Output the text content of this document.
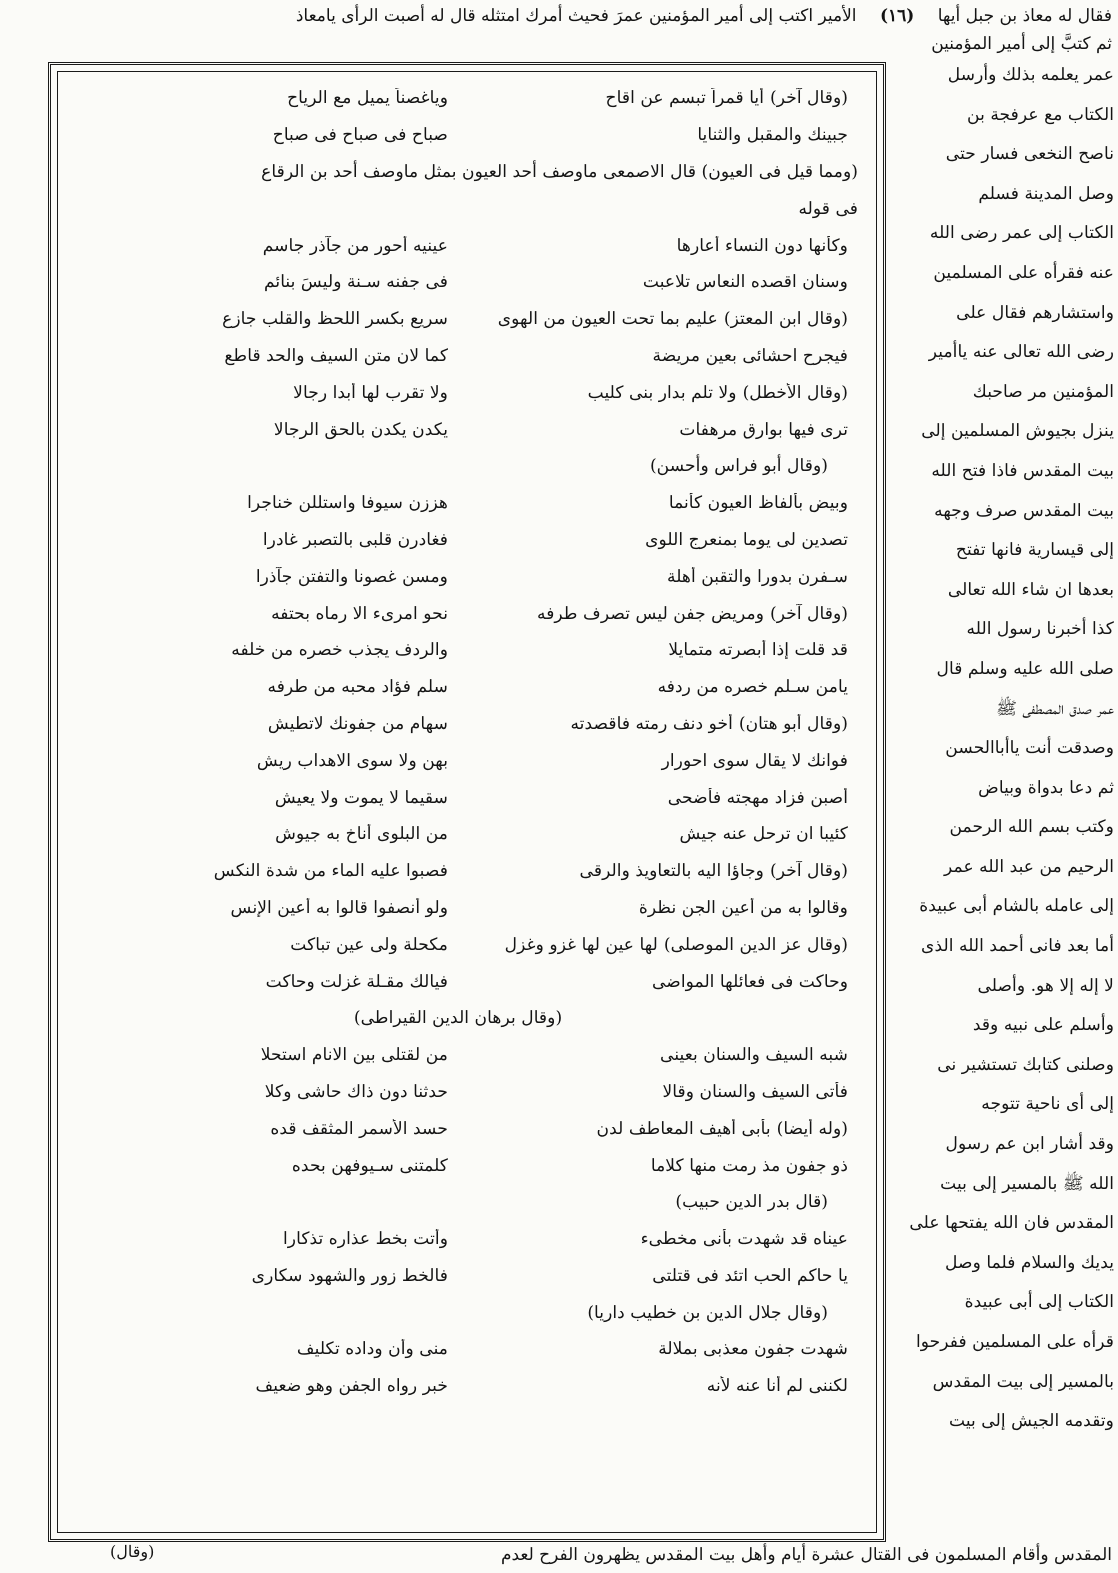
فقال له معاذ بن جبل أيها (١٦) الأمير اكتب إلى أمير المؤمنين عمرَ فحيث أمرك امتثله قال له أصبت الرأى يامعاذ
ثم كتبَّ إلى أمير المؤمنين
عمر يعلمه بذلك وأرسل
الكتاب مع عرفجة بن
ناصح النخعى فسار حتى
وصل المدينة فسلم
الكتاب إلى عمر رضى الله
عنه فقرأه على المسلمين
واستشارهم فقال على
رضى الله تعالى عنه ياأمير
المؤمنين مر صاحبك
ينزل بجيوش المسلمين إلى
بيت المقدس فاذا فتح الله
بيت المقدس صرف وجهه
إلى قيسارية فانها تفتح
بعدها ان شاء الله تعالى
كذا أخبرنا رسول الله
صلى الله عليه وسلم قال
عمر صدق المصطفى ﷺ
وصدقت أنت ياأباالحسن
ثم دعا بدواة وبياض
وكتب بسم الله الرحمن
الرحيم من عبد الله عمر
إلى عامله بالشام أبى عبيدة
أما بعد فانى أحمد الله الذى
لا إله إلا هو. وأصلى
وأسلم على نبيه وقد
وصلنى كتابك تستشير نى
إلى أى ناحية تتوجه
وقد أشار ابن عم رسول
الله ﷺ بالمسير إلى بيت
المقدس فان الله يفتحها على
يديك والسلام فلما وصل
الكتاب إلى أبى عبيدة
قرأه على المسلمين ففرحوا
بالمسير إلى بيت المقدس
وتقدمه الجيش إلى بيت
(وقال آخر)أيا قمراً تبسم عن اقاح
وياغصناً يميل مع الرياح
جبينك والمقبل والثنايا
صباح فى صباح فى صباح
(ومما قيل فى العيون) قال الاصمعى ماوصف أحد العيون بمثل ماوصف أحد بن الرقاع
فى قوله
وكأنها دون النساء أعارها
عينيه أحور من جآذر جاسم
وسنان اقصده النعاس تلاعبت
فى جفنه سـنة وليسَ بنائم
(وقال ابن المعتز)عليم بما تحت العيون من الهوى
سريع بكسر اللحظ والقلب جازع
فيجرح احشائى بعين مريضة
كما لان متن السيف والحد قاطع
(وقال الأخطل)ولا تلم بدار بنى كليب
ولا تقرب لها أبدا رجالا
ترى فيها بوارق مرهفات
يكدن يكدن بالحق الرجالا
(وقال أبو فراس وأحسن)
وبيض بألفاظ العيون كأنما
هززن سيوفا واستللن خناجرا
تصدين لى يوما بمنعرج اللوى
فغادرن قلبى بالتصبر غادرا
سـفرن بدورا والتقبن أهلة
ومسن غصونا والتفتن جآذرا
(وقال آخر)ومريض جفن ليس تصرف طرفه
نحو امرىء الا رماه بحتفه
قد قلت إذا أبصرته متمايلا
والردف يجذب خصره من خلفه
يامن سـلم خصره من ردفه
سلم فؤاد محبه من طرفه
(وقال أبو هتان)أخو دنف رمته فاقصدته
سهام من جفونك لاتطيش
فوانك لا يقال سوى احورار
بهن ولا سوى الاهداب ريش
أصبن فزاد مهجته فأضحى
سقيما لا يموت ولا يعيش
كئيبا ان ترحل عنه جيش
من البلوى أناخ به جيوش
(وقال آخر)وجاؤا اليه بالتعاويذ والرقى
فصبوا عليه الماء من شدة النكس
وقالوا به من أعين الجن نظرة
ولو أنصفوا قالوا به أعين الإنس
(وقال عز الدين الموصلى)لها عين لها غزو وغزل
مكحلة ولى عين تباكت
وحاكت فى فعائلها المواضى
فيالك مقـلة غزلت وحاكت
(وقال برهان الدين القيراطى)
شبه السيف والسنان بعينى
من لقتلى بين الانام استحلا
فأتى السيف والسنان وقالا
حدثنا دون ذاك حاشى وكلا
(وله أيضا)بأبى أهيف المعاطف لدن
حسد الأسمر المثقف قده
ذو جفون مذ رمت منها كلاما
كلمتنى سـيوفهن بحده
(قال بدر الدين حبيب)
عيناه قد شهدت بأنى مخطىء
وأتت بخط عذاره تذكارا
يا حاكم الحب اتئد فى قتلتى
فالخط زور والشهود سكارى
(وقال جلال الدين بن خطيب داريا)
شهدت جفون معذبى بملالة
منى وأن وداده تكليف
لكننى لم أنا عنه لأنه
خبر رواه الجفن وهو ضعيف
المقدس وأقام المسلمون فى القتال عشرة أيام وأهل بيت المقدس يظهرون الفرح لعدم
(وقال)
